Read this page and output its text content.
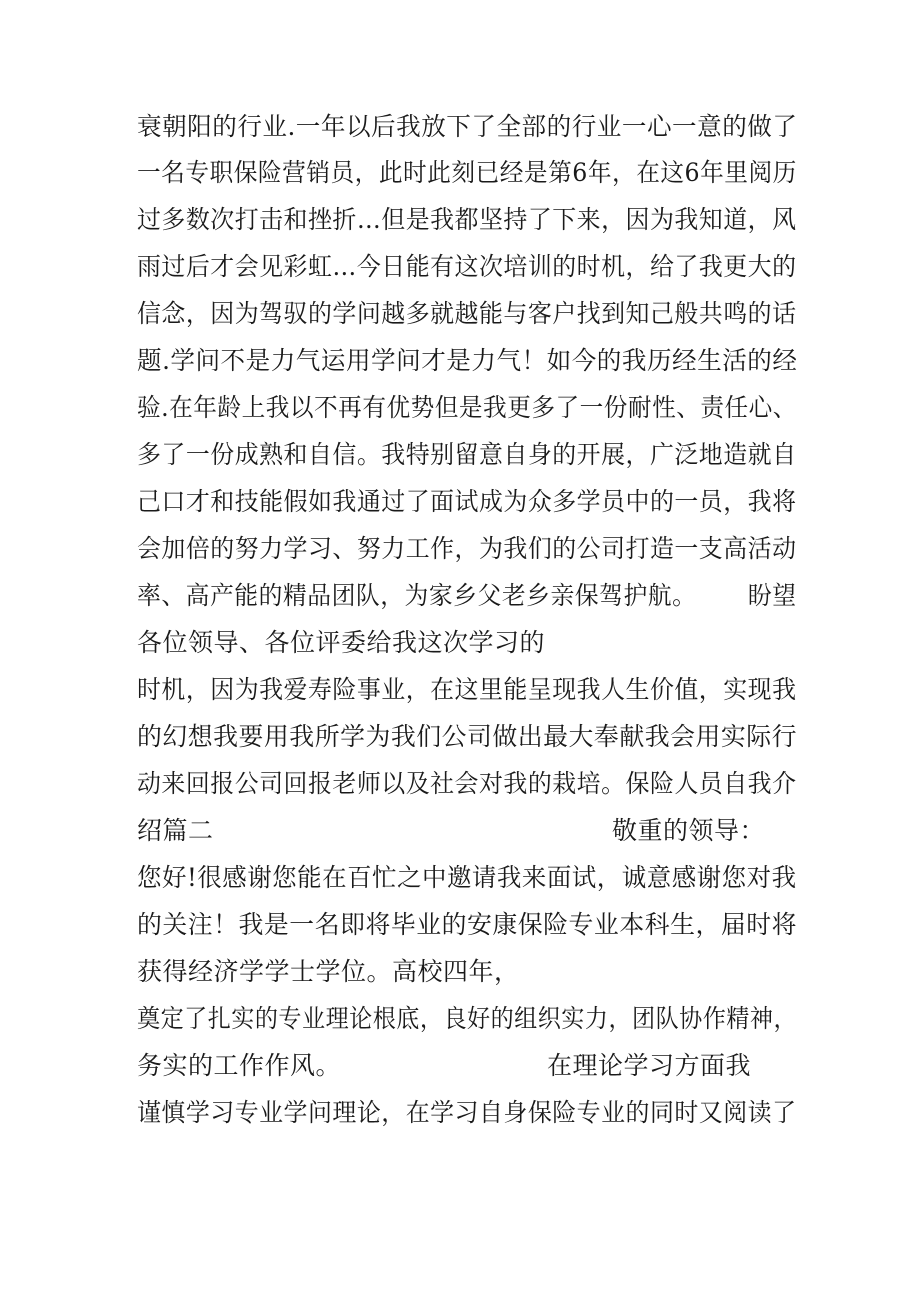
衰朝阳的行业.一年以后我放下了全部的行业一心一意的做了
一名专职保险营销员，此时此刻已经是第6年，在这6年里阅历
过多数次打击和挫折…但是我都坚持了下来，因为我知道，风
雨过后才会见彩虹…今日能有这次培训的时机，给了我更大的
信念，因为驾驭的学问越多就越能与客户找到知己般共鸣的话
题.学问不是力气运用学问才是力气！如今的我历经生活的经
验.在年龄上我以不再有优势但是我更多了一份耐性、责任心、
多了一份成熟和自信。我特别留意自身的开展，广泛地造就自
己口才和技能假如我通过了面试成为众多学员中的一员，我将
会加倍的努力学习、努力工作，为我们的公司打造一支高活动
率、高产能的精品团队，为家乡父老乡亲保驾护航。 盼望
各位领导、各位评委给我这次学习的
时机，因为我爱寿险事业，在这里能呈现我人生价值，实现我
的幻想我要用我所学为我们公司做出最大奉献我会用实际行
动来回报公司回报老师以及社会对我的栽培。保险人员自我介
绍篇二	敬重的领导：
您好!很感谢您能在百忙之中邀请我来面试，诚意感谢您对我
的关注！我是一名即将毕业的安康保险专业本科生，届时将
获得经济学学士学位。高校四年，
奠定了扎实的专业理论根底，良好的组织实力，团队协作精神，
务实的工作作风。	在理论学习方面我
谨慎学习专业学问理论，在学习自身保险专业的同时又阅读了
